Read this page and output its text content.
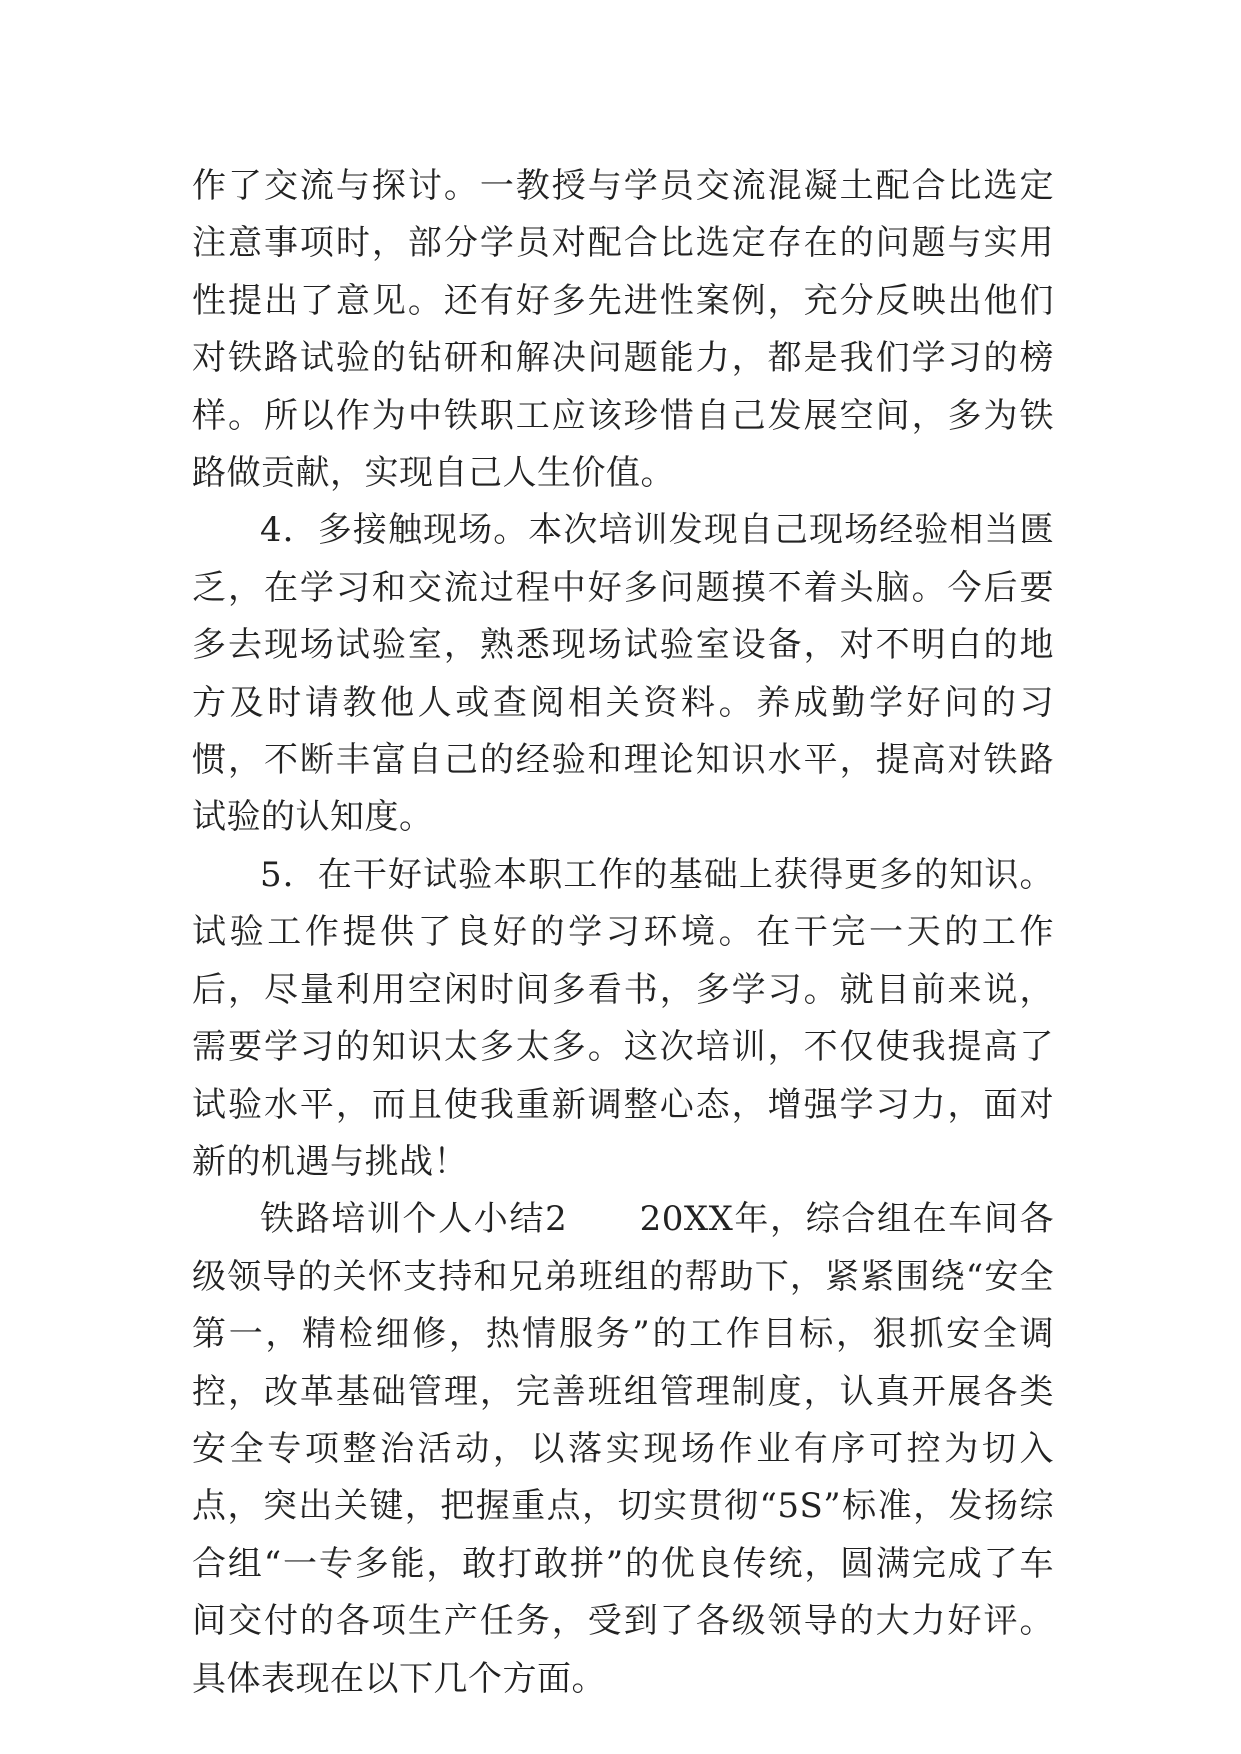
作了交流与探讨。一教授与学员交流混凝土配合比选定注意事项时，部分学员对配合比选定存在的问题与实用性提出了意见。还有好多先进性案例，充分反映出他们对铁路试验的钻研和解决问题能力，都是我们学习的榜样。所以作为中铁职工应该珍惜自己发展空间，多为铁路做贡献，实现自己人生价值。

4．多接触现场。本次培训发现自己现场经验相当匮乏，在学习和交流过程中好多问题摸不着头脑。今后要多去现场试验室，熟悉现场试验室设备，对不明白的地方及时请教他人或查阅相关资料。养成勤学好问的习惯，不断丰富自己的经验和理论知识水平，提高对铁路试验的认知度。

5．在干好试验本职工作的基础上获得更多的知识。试验工作提供了良好的学习环境。在干完一天的工作后，尽量利用空闲时间多看书，多学习。就目前来说，需要学习的知识太多太多。这次培训，不仅使我提高了试验水平，而且使我重新调整心态，增强学习力，面对新的机遇与挑战！

铁路培训个人小结2　　20XX年，综合组在车间各级领导的关怀支持和兄弟班组的帮助下，紧紧围绕“安全第一，精检细修，热情服务”的工作目标，狠抓安全调控，改革基础管理，完善班组管理制度，认真开展各类安全专项整治活动，以落实现场作业有序可控为切入点，突出关键，把握重点，切实贯彻“5S”标准，发扬综合组“一专多能，敢打敢拼”的优良传统，圆满完成了车间交付的各项生产任务，受到了各级领导的大力好评。具体表现在以下几个方面。
